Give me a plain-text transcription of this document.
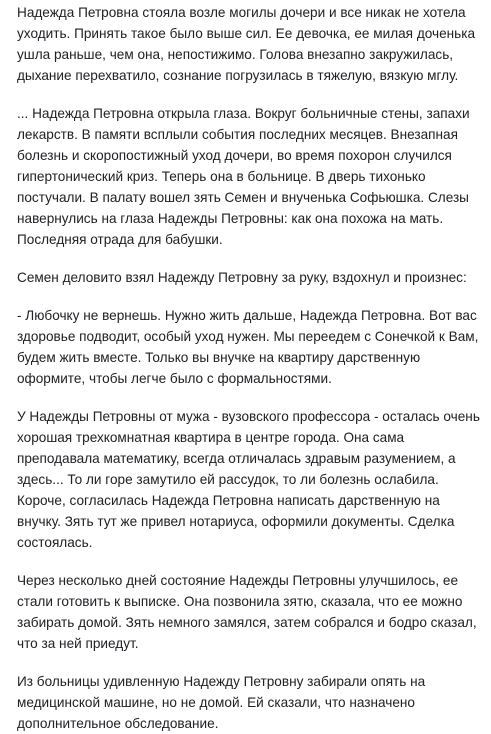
Надежда Петровна стояла возле могилы дочери и все никак не хотела уходить. Принять такое было выше сил. Ее девочка, ее милая доченька ушла раньше, чем она, непостижимо. Голова внезапно закружилась, дыхание перехватило, сознание погрузилась в тяжелую, вязкую мглу.

... Надежда Петровна открыла глаза. Вокруг больничные стены, запахи лекарств. В памяти всплыли события последних месяцев. Внезапная болезнь и скоропостижный уход дочери, во время похорон случился гипертонический криз. Теперь она в больнице. В дверь тихонько постучали. В палату вошел зять Семен и внученька Софьюшка. Слезы навернулись на глаза Надежды Петровны: как она похожа на мать. Последняя отрада для бабушки.

Семен деловито взял Надежду Петровну за руку, вздохнул и произнес:

- Любочку не вернешь. Нужно жить дальше, Надежда Петровна. Вот вас здоровье подводит, особый уход нужен. Мы переедем с Сонечкой к Вам, будем жить вместе. Только вы внучке на квартиру дарственную оформите, чтобы легче было с формальностями.

У Надежды Петровны от мужа - вузовского профессора - осталась очень хорошая трехкомнатная квартира в центре города. Она сама преподавала математику, всегда отличалась здравым разумением, а здесь... То ли горе замутило ей рассудок, то ли болезнь ослабила. Короче, согласилась Надежда Петровна написать дарственную на внучку. Зять тут же привел нотариуса, оформили документы. Сделка состоялась.

Через несколько дней состояние Надежды Петровны улучшилось, ее стали готовить к выписке. Она позвонила зятю, сказала, что ее можно забирать домой. Зять немного замялся, затем собрался и бодро сказал, что за ней приедут.

Из больницы удивленную Надежду Петровну забирали опять на медицинской машине, но не домой. Ей сказали, что назначено дополнительное обследование.
